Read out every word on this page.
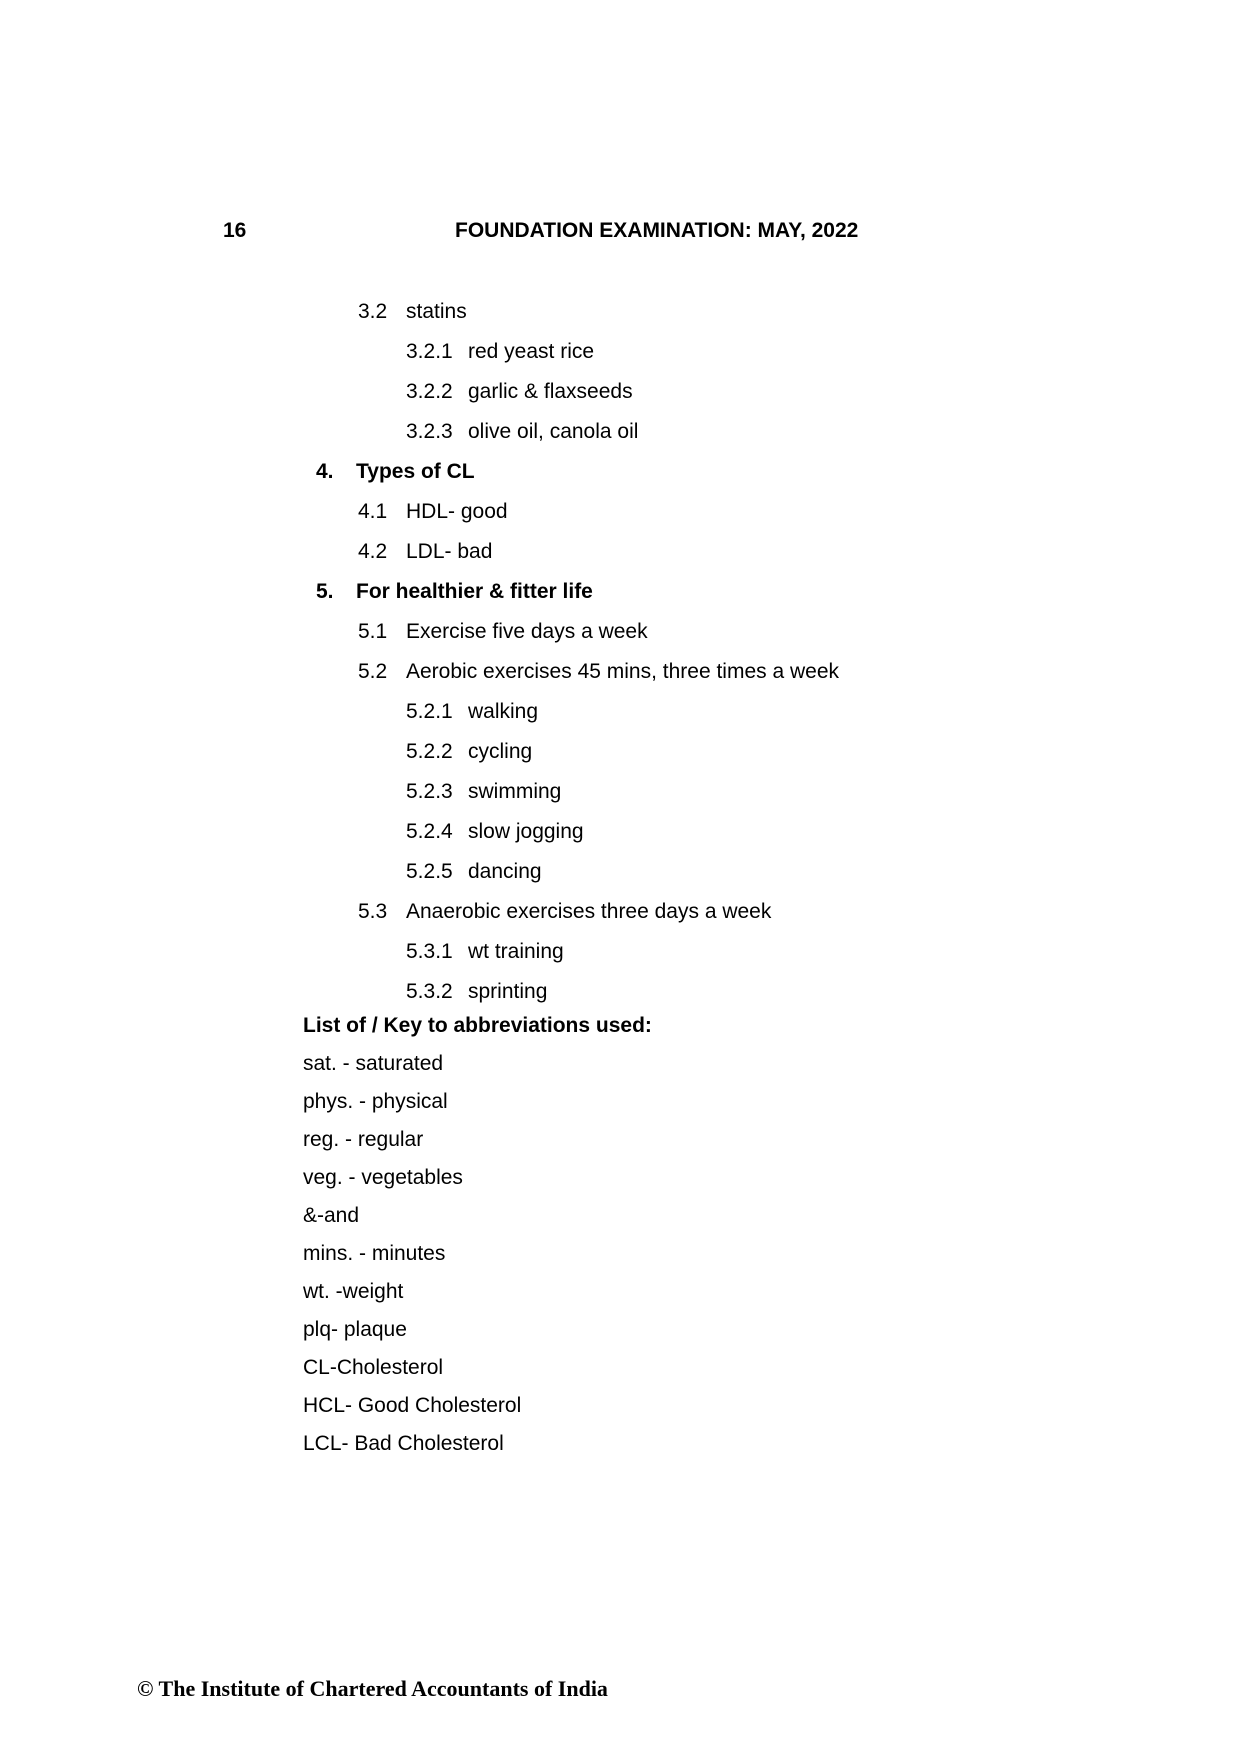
16	FOUNDATION EXAMINATION: MAY, 2022
3.2 statins
3.2.1 red yeast rice
3.2.2 garlic & flaxseeds
3.2.3 olive oil, canola oil
4. Types of CL
4.1 HDL- good
4.2 LDL- bad
5. For healthier & fitter life
5.1 Exercise five days a week
5.2 Aerobic exercises 45 mins, three times a week
5.2.1 walking
5.2.2 cycling
5.2.3 swimming
5.2.4 slow jogging
5.2.5 dancing
5.3 Anaerobic exercises three days a week
5.3.1 wt training
5.3.2 sprinting
List of / Key to abbreviations used:
sat. - saturated
phys. - physical
reg. - regular
veg. - vegetables
&-and
mins. - minutes
wt. -weight
plq- plaque
CL-Cholesterol
HCL- Good Cholesterol
LCL- Bad Cholesterol
© The Institute of Chartered Accountants of India
